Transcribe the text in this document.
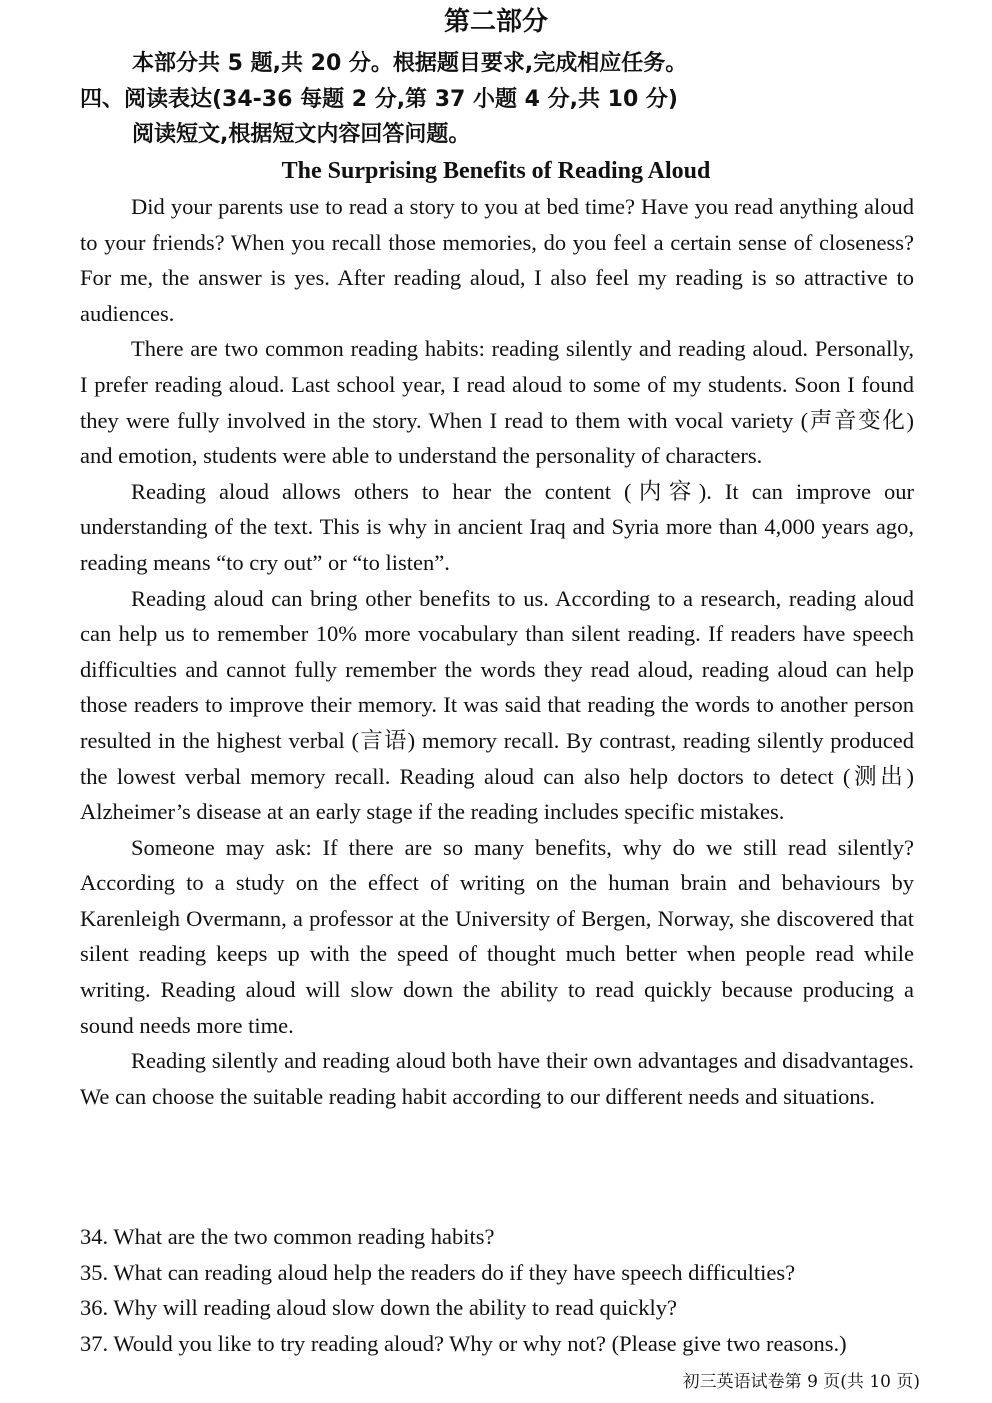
第二部分
本部分共 5 题,共 20 分。根据题目要求,完成相应任务。
四、阅读表达(34-36 每题 2 分,第 37 小题 4 分,共 10 分)
阅读短文,根据短文内容回答问题。
The Surprising Benefits of Reading Aloud

Did your parents use to read a story to you at bed time? Have you read anything aloud to your friends? When you recall those memories, do you feel a certain sense of closeness? For me, the answer is yes. After reading aloud, I also feel my reading is so attractive to audiences.

There are two common reading habits: reading silently and reading aloud. Personally, I prefer reading aloud. Last school year, I read aloud to some of my students. Soon I found they were fully involved in the story. When I read to them with vocal variety (声音变化) and emotion, students were able to understand the personality of characters.

Reading aloud allows others to hear the content (内容). It can improve our understanding of the text. This is why in ancient Iraq and Syria more than 4,000 years ago, reading means “to cry out” or “to listen”.

Reading aloud can bring other benefits to us. According to a research, reading aloud can help us to remember 10% more vocabulary than silent reading. If readers have speech difficulties and cannot fully remember the words they read aloud, reading aloud can help those readers to improve their memory. It was said that reading the words to another person resulted in the highest verbal (言语) memory recall. By contrast, reading silently produced the lowest verbal memory recall. Reading aloud can also help doctors to detect (测出) Alzheimer’s disease at an early stage if the reading includes specific mistakes.

Someone may ask: If there are so many benefits, why do we still read silently? According to a study on the effect of writing on the human brain and behaviours by Karenleigh Overmann, a professor at the University of Bergen, Norway, she discovered that silent reading keeps up with the speed of thought much better when people read while writing. Reading aloud will slow down the ability to read quickly because producing a sound needs more time.

Reading silently and reading aloud both have their own advantages and disadvantages. We can choose the suitable reading habit according to our different needs and situations.

34. What are the two common reading habits?

35. What can reading aloud help the readers do if they have speech difficulties?

36. Why will reading aloud slow down the ability to read quickly?

37. Would you like to try reading aloud? Why or why not? (Please give two reasons.)

初三英语试卷第 9 页(共 10 页)
